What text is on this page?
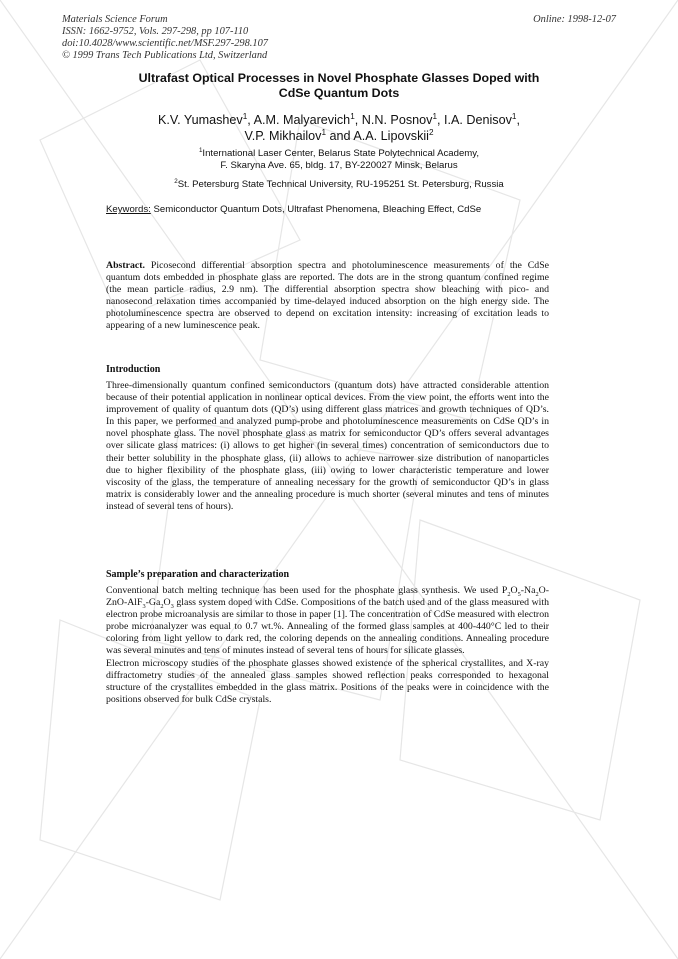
Materials Science Forum
ISSN: 1662-9752, Vols. 297-298, pp 107-110
doi:10.4028/www.scientific.net/MSF.297-298.107
© 1999 Trans Tech Publications Ltd, Switzerland
Online: 1998-12-07
Ultrafast Optical Processes in Novel Phosphate Glasses Doped with
CdSe Quantum Dots
K.V. Yumashev$^1$, A.M. Malyarevich$^1$, N.N. Posnov$^1$, I.A. Denisov$^1$,
V.P. Mikhailov$^1$ and A.A. Lipovskii$^2$
$^1$International Laser Center, Belarus State Polytechnical Academy,
F. Skaryna Ave. 65, bldg. 17, BY-220027 Minsk, Belarus
$^2$St. Petersburg State Technical University, RU-195251 St. Petersburg, Russia
Keywords: Semiconductor Quantum Dots, Ultrafast Phenomena, Bleaching Effect, CdSe
Abstract. Picosecond differential absorption spectra and photoluminescence measurements of the CdSe quantum dots embedded in phosphate glass are reported. The dots are in the strong quantum confined regime (the mean particle radius, 2.9 nm). The differential absorption spectra show bleaching with pico- and nanosecond relaxation times accompanied by time-delayed induced absorption on the high energy side. The photoluminescence spectra are observed to depend on excitation intensity: increasing of excitation leads to appearing of a new luminescence peak.
Introduction
Three-dimensionally quantum confined semiconductors (quantum dots) have attracted considerable attention because of their potential application in nonlinear optical devices. From the view point, the efforts went into the improvement of quality of quantum dots (QD’s) using different glass matrices and growth techniques of QD’s. In this paper, we performed and analyzed pump-probe and photoluminescence measurements on CdSe QD’s in novel phosphate glass. The novel phosphate glass as matrix for semiconductor QD’s offers several advantages over silicate glass matrices: (i) allows to get higher (in several times) concentration of semiconductors due to their better solubility in the phosphate glass, (ii) allows to achieve narrower size distribution of nanoparticles due to higher flexibility of the phosphate glass, (iii) owing to lower characteristic temperature and lower viscosity of the glass, the temperature of annealing necessary for the growth of semiconductor QD’s in glass matrix is considerably lower and the annealing procedure is much shorter (several minutes and tens of minutes instead of several tens of hours).
Sample’s preparation and characterization

Conventional batch melting technique has been used for the phosphate glass synthesis. We used $P_2O_5-Na_2O-ZnO-AlF_3-Ga_2O_3$ glass system doped with CdSe. Compositions of the batch used and of the glass measured with electron probe microanalysis are similar to those in paper [1]. The concentration of CdSe measured with electron probe microanalyzer was equal to 0.7 wt.%. Annealing of the formed glass samples at 400-440°C led to their coloring from light yellow to dark red, the coloring depends on the annealing conditions. Annealing procedure was several minutes and tens of minutes instead of several tens of hours for silicate glasses.

Electron microscopy studies of the phosphate glasses showed existence of the spherical crystallites, and X-ray diffractometry studies of the annealed glass samples showed reflection peaks corresponded to hexagonal structure of the crystallites embedded in the glass matrix. Positions of the peaks were in coincidence with the positions observed for bulk CdSe crystals.
